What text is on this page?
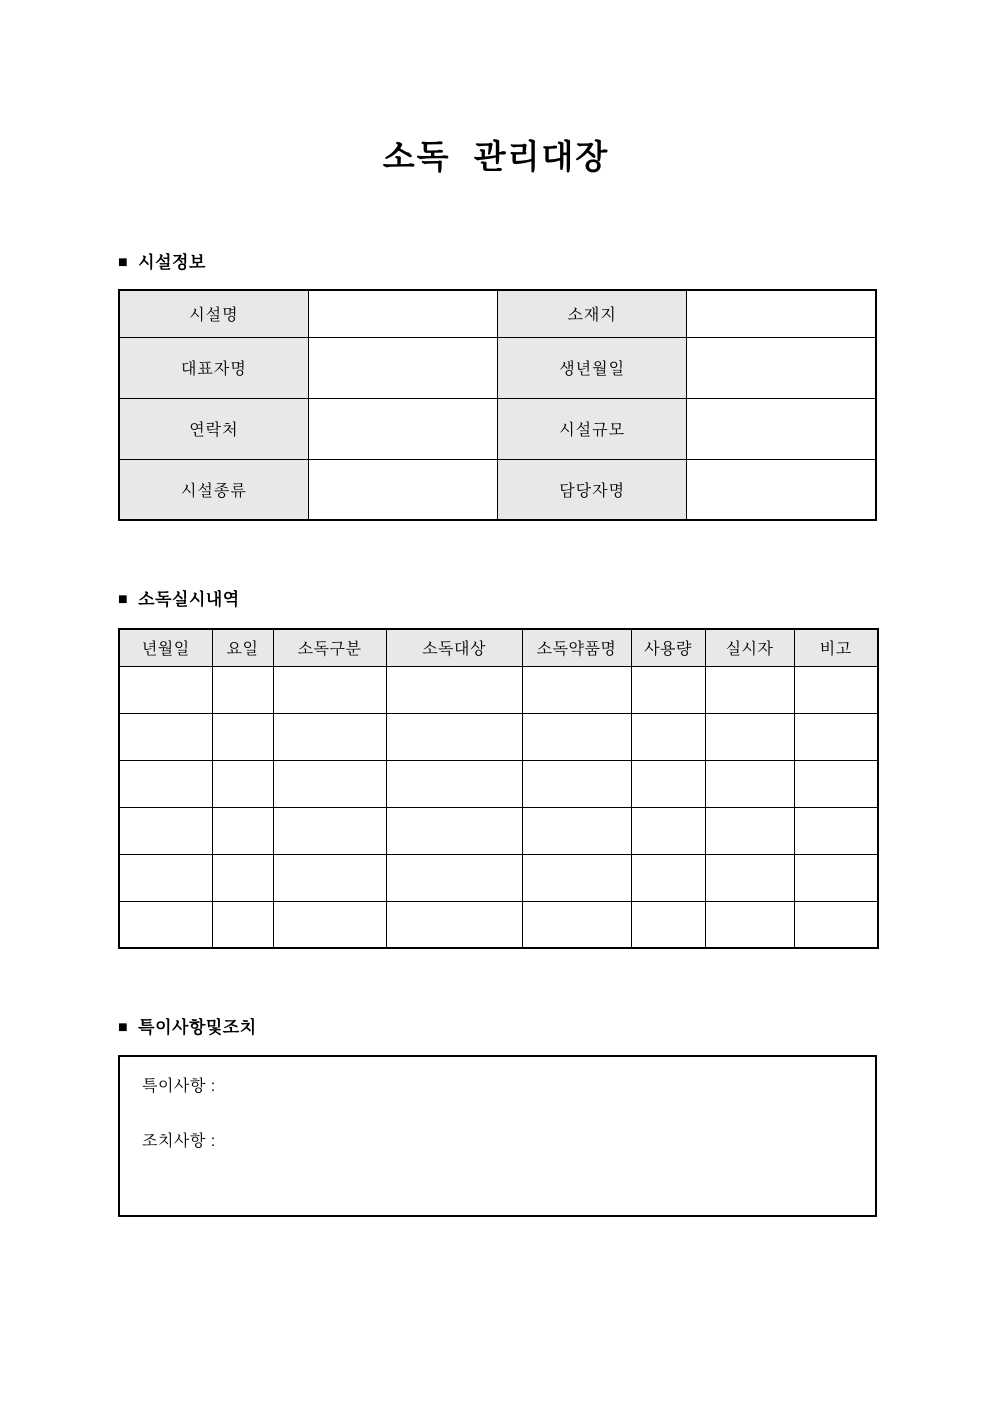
소독 관리대장
■ 시설정보
시설명		소재지	
대표자명		생년월일	
연락처		시설규모	
시설종류		담당자명	
■ 소독실시내역
년월일	요일	소독구분	소독대상	소독약품명	사용량	실시자	비고

■ 특이사항및조치
특이사항 :
조치사항 :
